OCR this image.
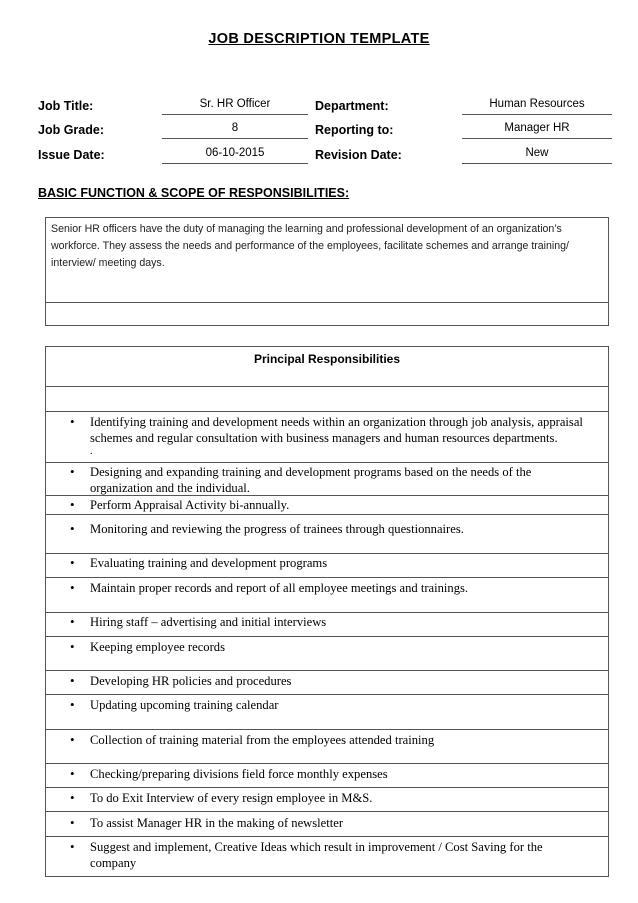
JOB DESCRIPTION TEMPLATE
Job Title:	Sr. HR Officer	Department:	Human Resources
Job Grade:	8	Reporting to:	Manager HR
Issue Date:	06-10-2015	Revision Date:	New
BASIC FUNCTION & SCOPE OF RESPONSIBILITIES:
Senior HR officers have the duty of managing the learning and professional development of an organization’s
workforce. They assess the needs and performance of the employees, facilitate schemes and arrange training/
interview/ meeting days.
Principal Responsibilities
• Identifying training and development needs within an organization through job analysis, appraisal
schemes and regular consultation with business managers and human resources departments.
.
• Designing and expanding training and development programs based on the needs of the
organization and the individual.
• Perform Appraisal Activity bi-annually.
• Monitoring and reviewing the progress of trainees through questionnaires.
• Evaluating training and development programs
• Maintain proper records and report of all employee meetings and trainings.
• Hiring staff – advertising and initial interviews
• Keeping employee records
• Developing HR policies and procedures
• Updating upcoming training calendar
• Collection of training material from the employees attended training
• Checking/preparing divisions field force monthly expenses
• To do Exit Interview of every resign employee in M&S.
• To assist Manager HR in the making of newsletter
• Suggest and implement, Creative Ideas which result in improvement / Cost Saving for the
company
